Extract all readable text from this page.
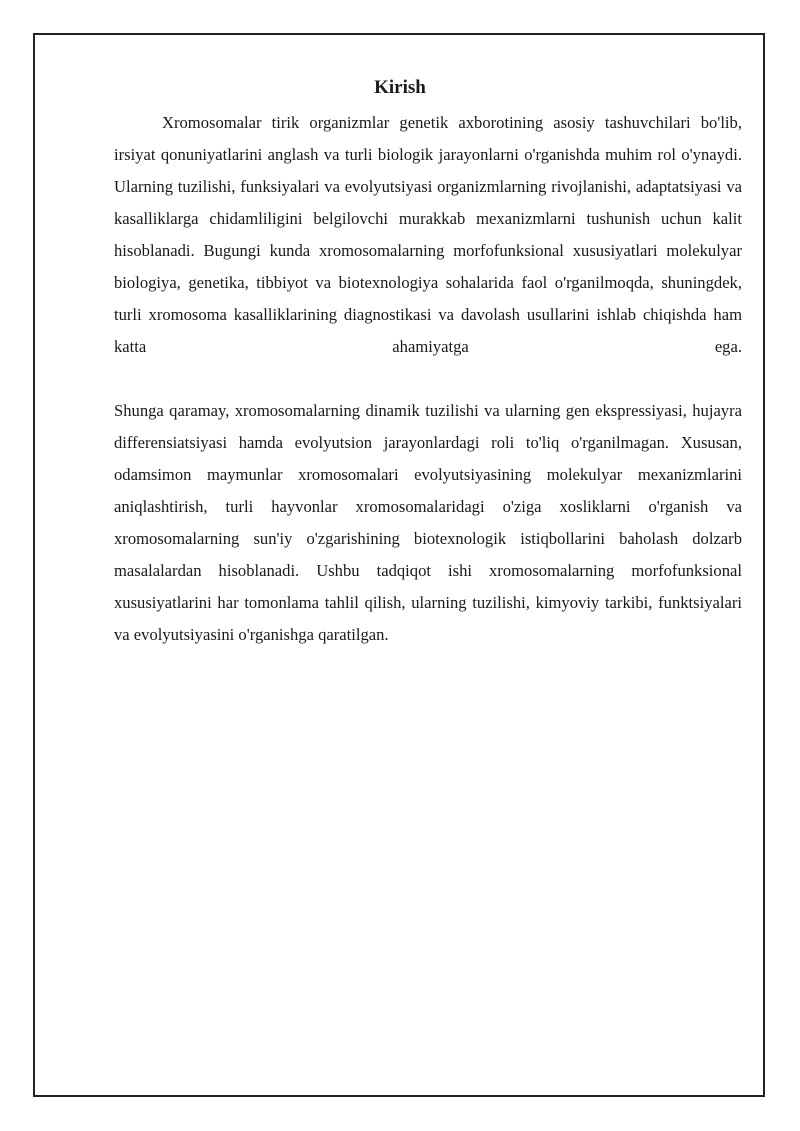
Kirish

Xromosomalar tirik organizmlar genetik axborotining asosiy tashuvchilari bo'lib, irsiyat qonuniyatlarini anglash va turli biologik jarayonlarni o'rganishda muhim rol o'ynaydi. Ularning tuzilishi, funksiyalari va evolyutsiyasi organizmlarning rivojlanishi, adaptatsiyasi va kasalliklarga chidamliligini belgilovchi murakkab mexanizmlarni tushunish uchun kalit hisoblanadi. Bugungi kunda xromosomalarning morfofunksional xususiyatlari molekulyar biologiya, genetika, tibbiyot va biotexnologiya sohalarida faol o'rganilmoqda, shuningdek, turli xromosoma kasalliklarining diagnostikasi va davolash usullarini ishlab chiqishda ham katta ahamiyatga ega.

Shunga qaramay, xromosomalarning dinamik tuzilishi va ularning gen ekspressiyasi, hujayra differensiatsiyasi hamda evolyutsion jarayonlardagi roli to'liq o'rganilmagan. Xususan, odamsimon maymunlar xromosomalari evolyutsiyasining molekulyar mexanizmlarini aniqlashtirish, turli hayvonlar xromosomalaridagi o'ziga xosliklarni o'rganish va xromosomalarning sun'iy o'zgarishining biotexnologik istiqbollarini baholash dolzarb masalalardan hisoblanadi. Ushbu tadqiqot ishi xromosomalarning morfofunksional xususiyatlarini har tomonlama tahlil qilish, ularning tuzilishi, kimyoviy tarkibi, funktsiyalari va evolyutsiyasini o'rganishga qaratilgan.
